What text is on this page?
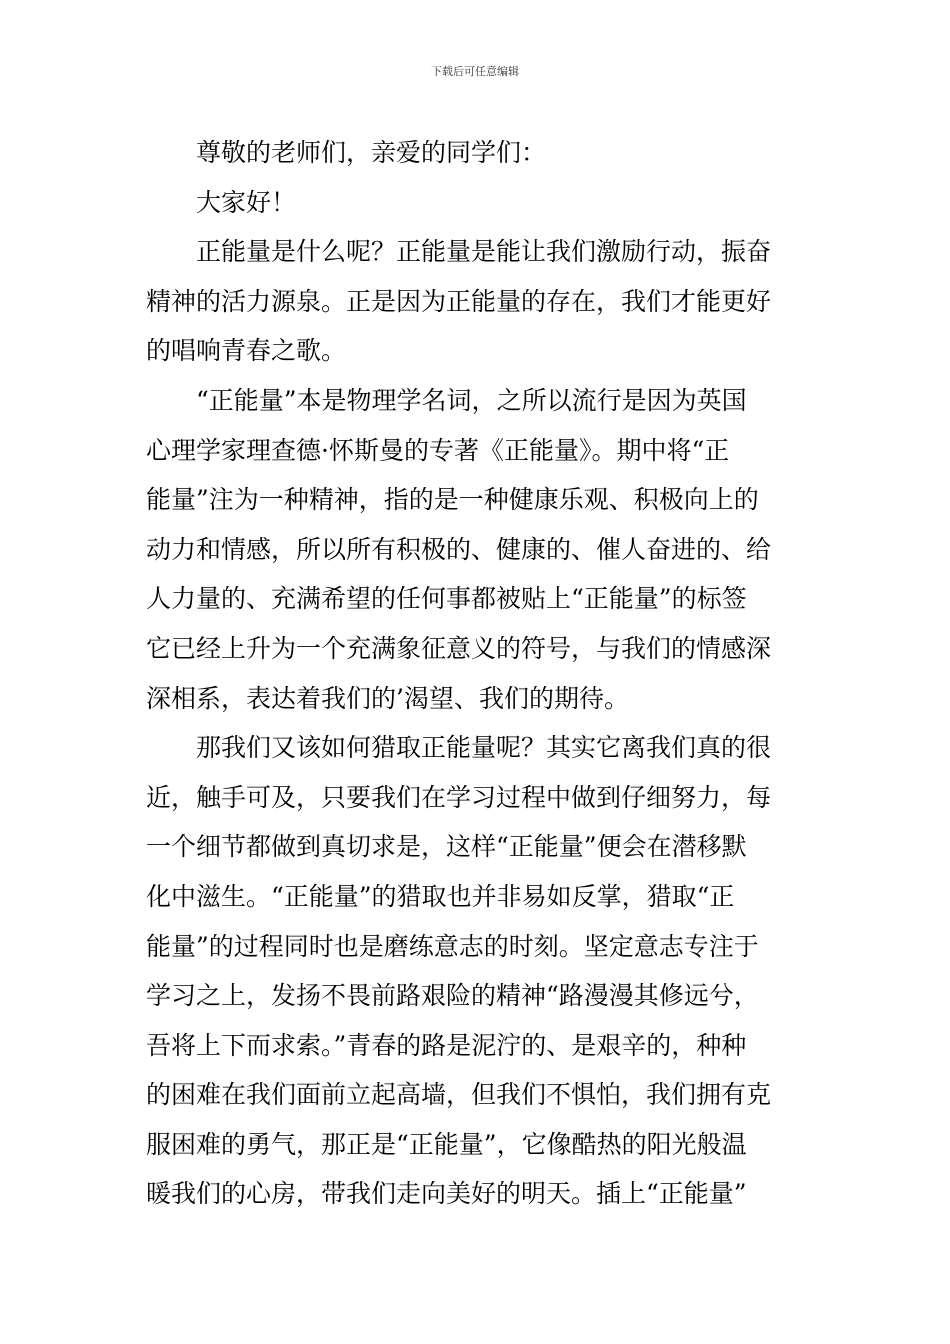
下载后可任意编辑
尊敬的老师们，亲爱的同学们：
大家好！
正能量是什么呢？正能量是能让我们激励行动，振奋
精神的活力源泉。正是因为正能量的存在，我们才能更好
的唱响青春之歌。
“正能量”本是物理学名词，之所以流行是因为英国
心理学家理查德·怀斯曼的专著《正能量》。期中将“正
能量”注为一种精神，指的是一种健康乐观、积极向上的
动力和情感，所以所有积极的、健康的、催人奋进的、给
人力量的、充满希望的任何事都被贴上“正能量”的标签
它已经上升为一个充满象征意义的符号，与我们的情感深
深相系，表达着我们的’渴望、我们的期待。
那我们又该如何猎取正能量呢？其实它离我们真的很
近，触手可及，只要我们在学习过程中做到仔细努力，每
一个细节都做到真切求是，这样“正能量”便会在潜移默
化中滋生。“正能量”的猎取也并非易如反掌，猎取“正
能量”的过程同时也是磨练意志的时刻。坚定意志专注于
学习之上，发扬不畏前路艰险的精神“路漫漫其修远兮，
吾将上下而求索。”青春的路是泥泞的、是艰辛的，种种
的困难在我们面前立起高墙，但我们不惧怕，我们拥有克
服困难的勇气，那正是“正能量”，它像酷热的阳光般温
暖我们的心房，带我们走向美好的明天。插上“正能量”
